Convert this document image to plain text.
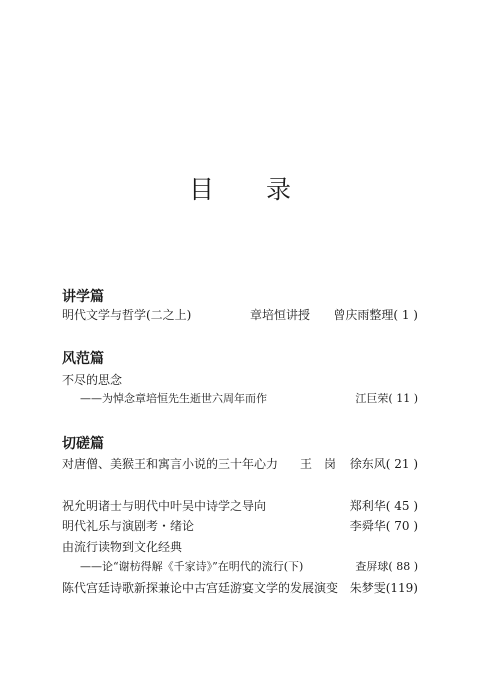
目 录
讲学篇
明代文学与哲学(二之上)	章培恒讲授 曾庆雨整理( 1 )
风范篇
不尽的思念
——为悼念章培恒先生逝世六周年而作	江巨荣( 11 )
切磋篇
对唐僧、美猴王和寓言小说的三十年心力 王　岗 徐东风( 21 )
祝允明诸士与明代中叶吴中诗学之导向	郑利华( 45 )
明代礼乐与演剧考・绪论	李舜华( 70 )
由流行读物到文化经典
——论“谢枋得解《千家诗》”在明代的流行(下)	查屏球( 88 )
陈代宫廷诗歌新探兼论中古宫廷游宴文学的发展演变 朱梦雯(119)
